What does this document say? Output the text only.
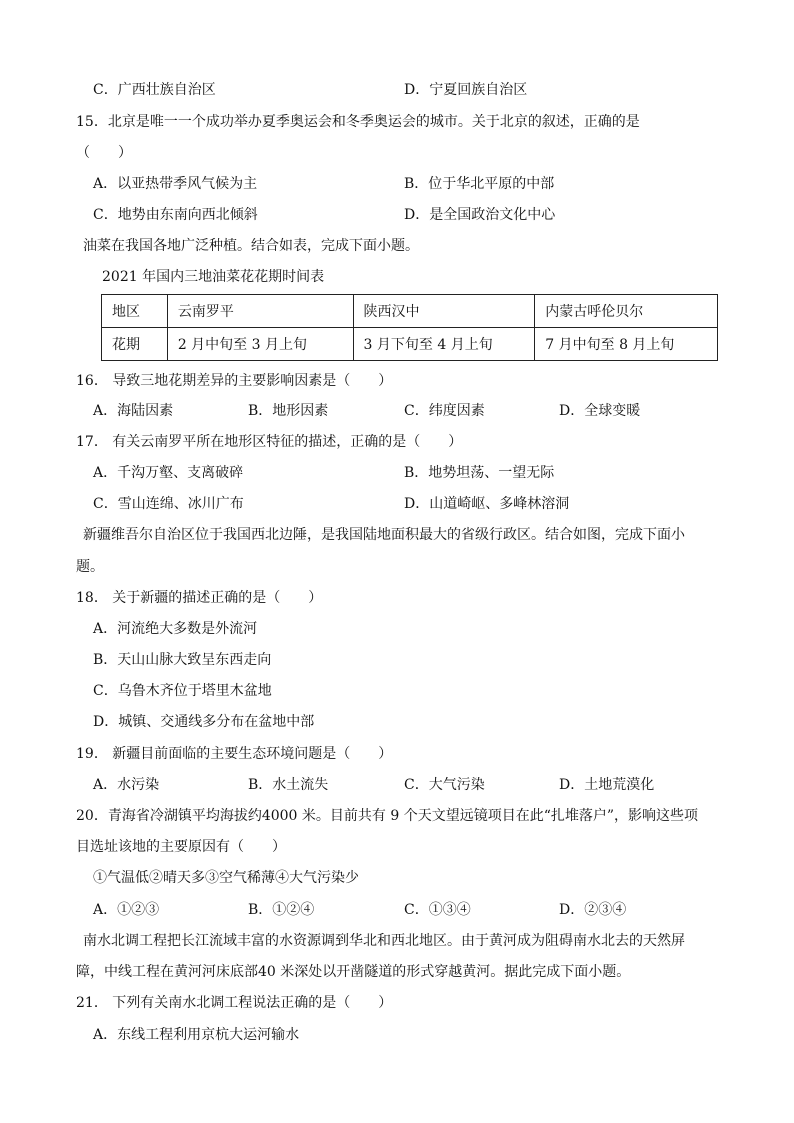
C．广西壮族自治区	D．宁夏回族自治区
15．北京是唯一一个成功举办夏季奥运会和冬季奥运会的城市。关于北京的叙述，正确的是
（　　）
A．以亚热带季风气候为主	B．位于华北平原的中部
C．地势由东南向西北倾斜	D．是全国政治文化中心
油菜在我国各地广泛种植。结合如表，完成下面小题。
2021 年国内三地油菜花花期时间表
地区	云南罗平	陕西汉中	内蒙古呼伦贝尔
花期	2 月中旬至 3 月上旬	3 月下旬至 4 月上旬	7 月中旬至 8 月上旬
16． 导致三地花期差异的主要影响因素是（　　）
A．海陆因素	B．地形因素	C．纬度因素	D．全球变暖
17． 有关云南罗平所在地形区特征的描述，正确的是（　　）
A．千沟万壑、支离破碎	B．地势坦荡、一望无际
C．雪山连绵、冰川广布	D．山道崎岖、多峰林溶洞
新疆维吾尔自治区位于我国西北边陲，是我国陆地面积最大的省级行政区。结合如图，完成下面小
题。
18． 关于新疆的描述正确的是（　　）
A．河流绝大多数是外流河
B．天山山脉大致呈东西走向
C．乌鲁木齐位于塔里木盆地
D．城镇、交通线多分布在盆地中部
19． 新疆目前面临的主要生态环境问题是（　　）
A．水污染	B．水土流失	C．大气污染	D．土地荒漠化
20．青海省冷湖镇平均海拔约4000 米。目前共有 9 个天文望远镜项目在此“扎堆落户”，影响这些项
目选址该地的主要原因有（　　）
①气温低②晴天多③空气稀薄④大气污染少
A．①②③	B．①②④	C．①③④	D．②③④
南水北调工程把长江流域丰富的水资源调到华北和西北地区。由于黄河成为阻碍南水北去的天然屏
障，中线工程在黄河河床底部40 米深处以开凿隧道的形式穿越黄河。据此完成下面小题。
21． 下列有关南水北调工程说法正确的是（　　）
A．东线工程利用京杭大运河输水
